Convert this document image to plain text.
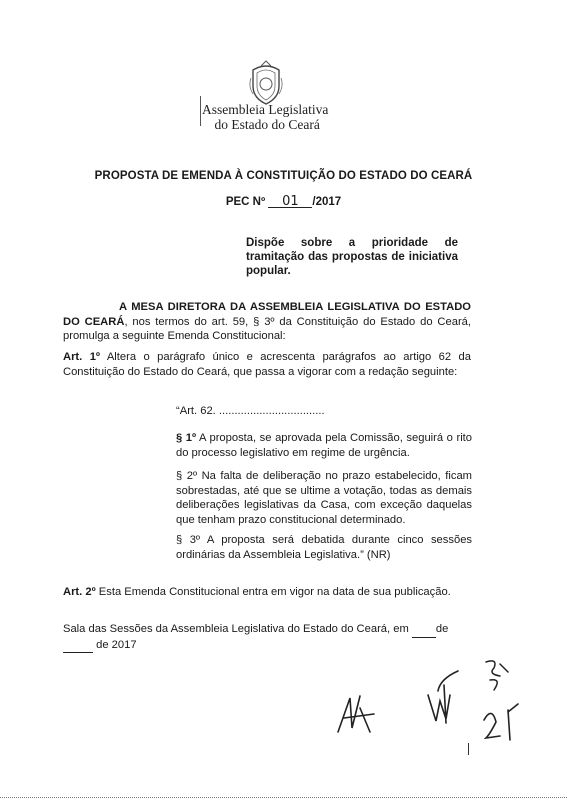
Assembleia Legislativa
do Estado do Ceará
PROPOSTA DE EMENDA À CONSTITUIÇÃO DO ESTADO DO CEARÁ
PEC Nº 01 /2017
Dispõe sobre a prioridade de tramitação das propostas de iniciativa popular.
A MESA DIRETORA DA ASSEMBLEIA LEGISLATIVA DO ESTADO DO CEARÁ, nos termos do art. 59, § 3º da Constituição do Estado do Ceará, promulga a seguinte Emenda Constitucional:
Art. 1º Altera o parágrafo único e acrescenta parágrafos ao artigo 62 da Constituição do Estado do Ceará, que passa a vigorar com a redação seguinte:
“Art. 62. ..................................
§ 1º A proposta, se aprovada pela Comissão, seguirá o rito do processo legislativo em regime de urgência.
§ 2º Na falta de deliberação no prazo estabelecido, ficam sobrestadas, até que se ultime a votação, todas as demais deliberações legislativas da Casa, com exceção daquelas que tenham prazo constitucional determinado.
§ 3º A proposta será debatida durante cinco sessões ordinárias da Assembleia Legislativa.” (NR)
Art. 2º Esta Emenda Constitucional entra em vigor na data de sua publicação.
Sala das Sessões da Assembleia Legislativa do Estado do Ceará, em de
de 2017
